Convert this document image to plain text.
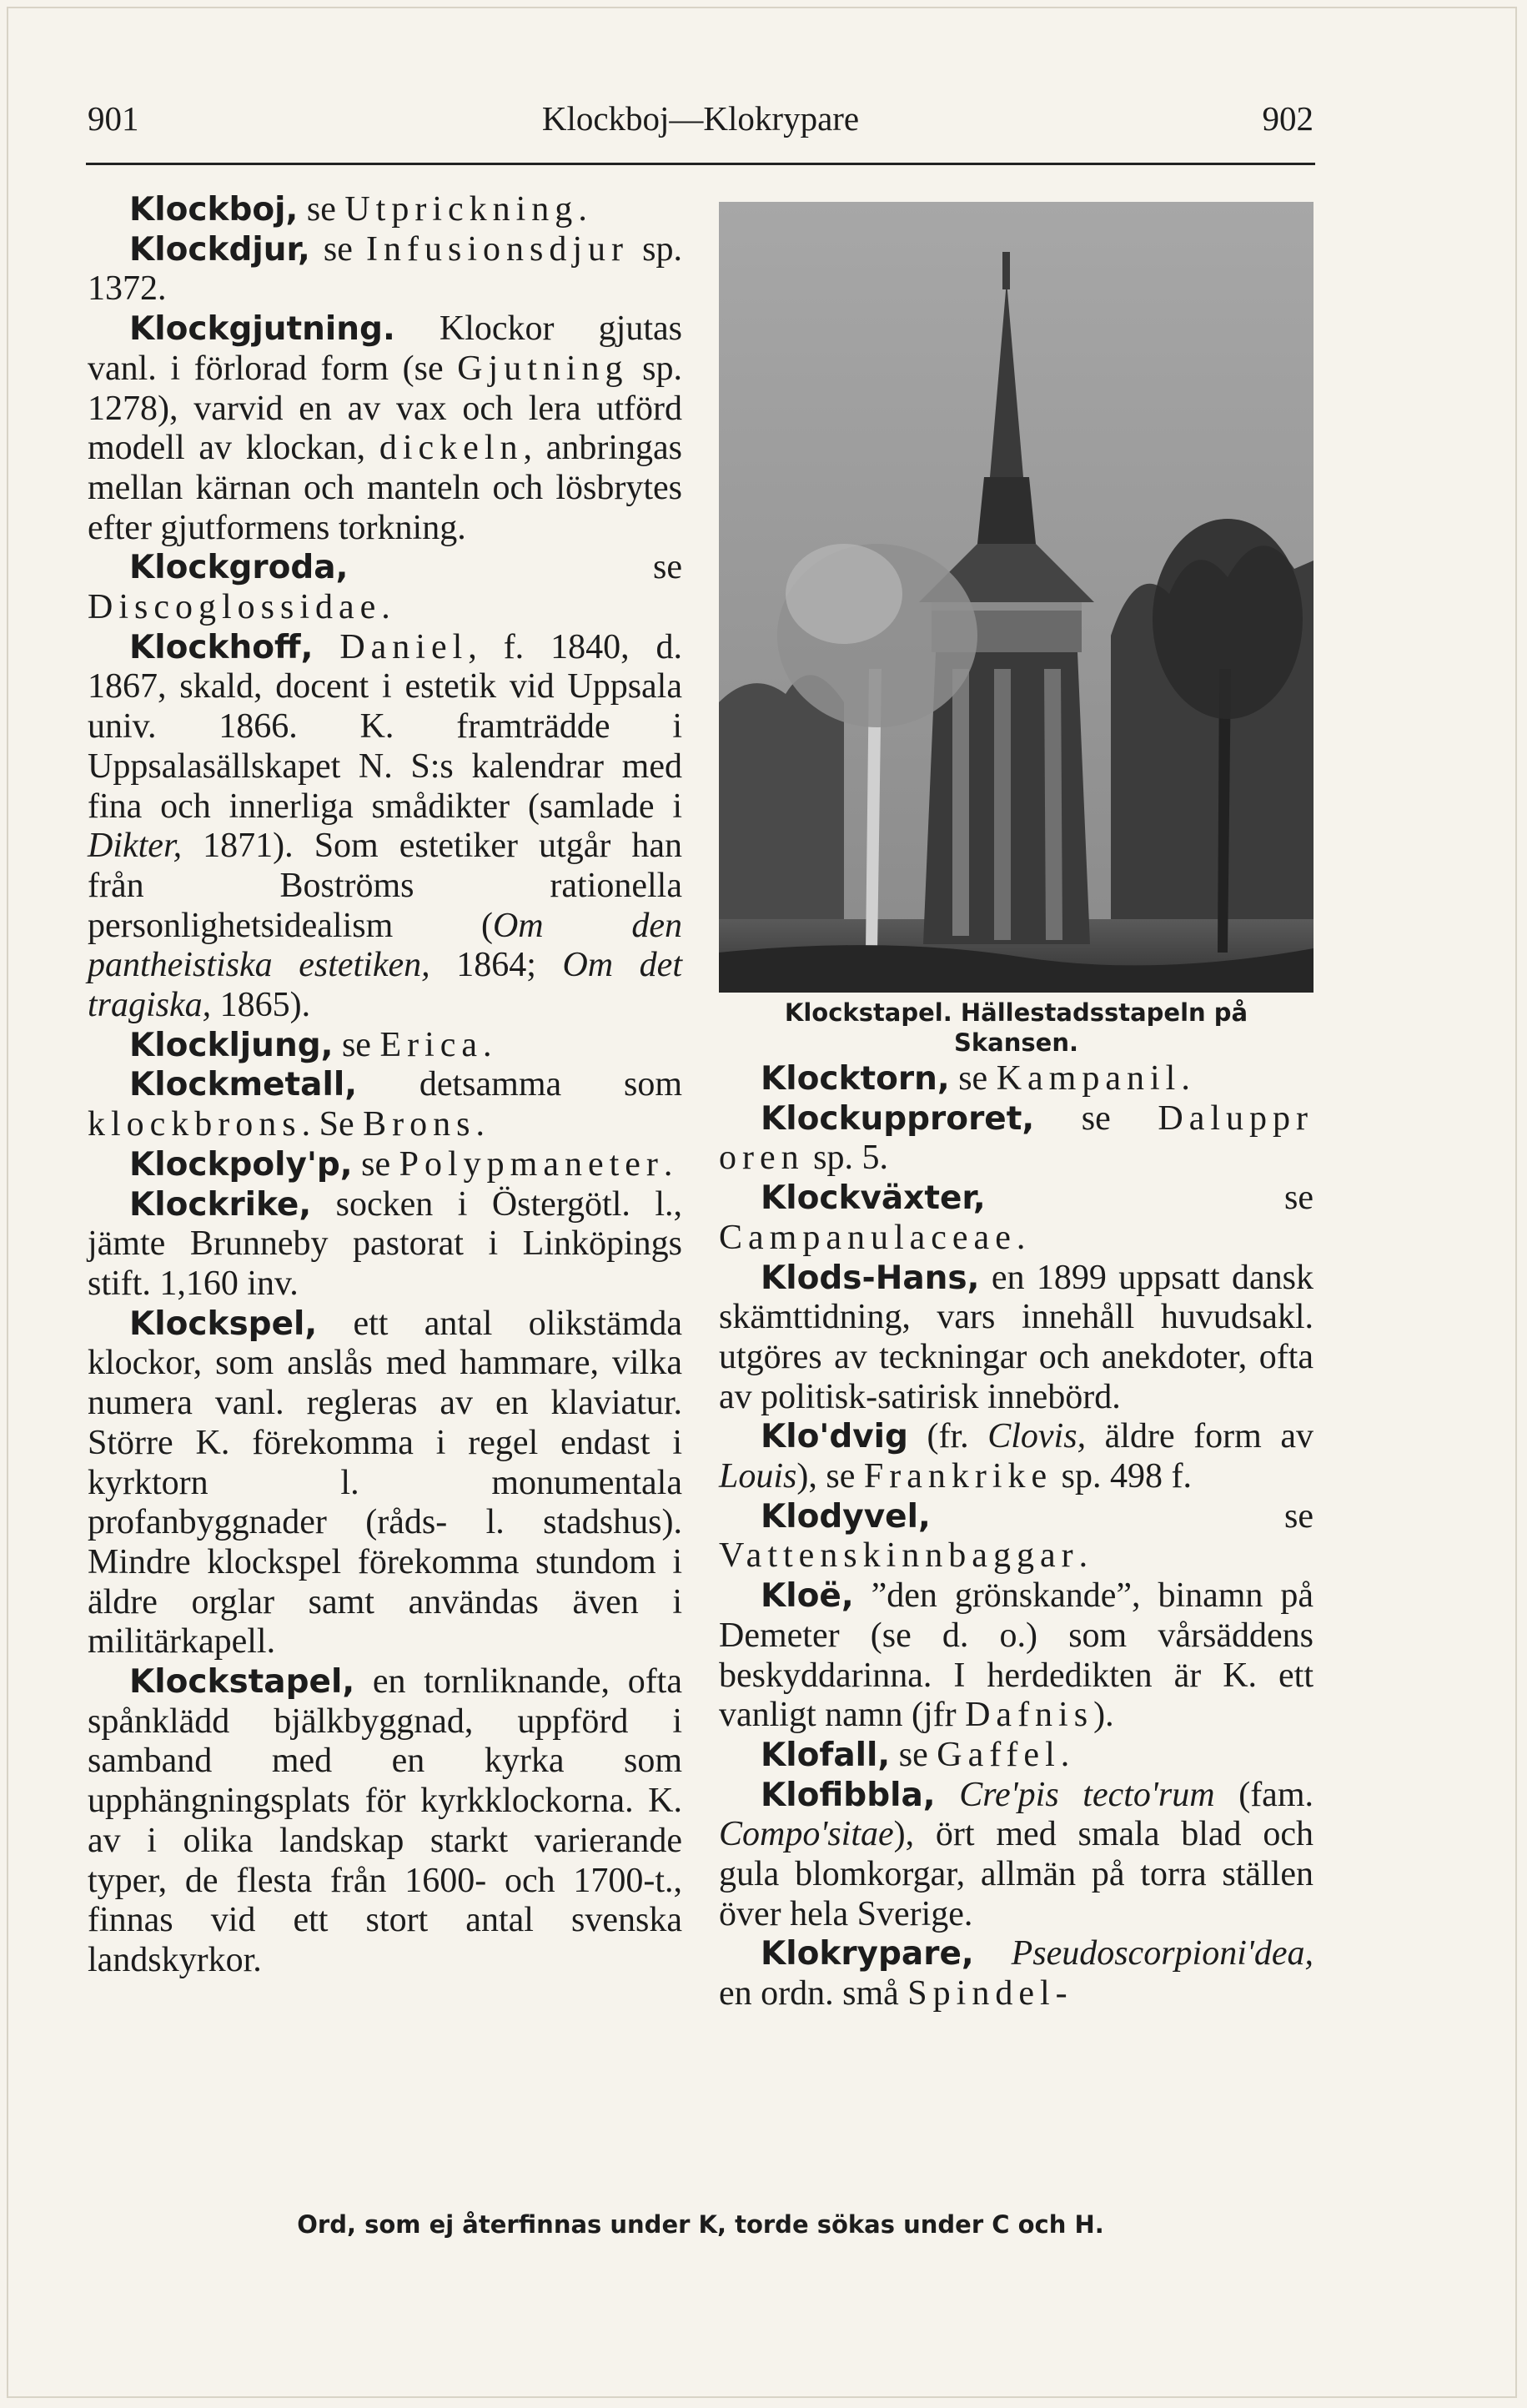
Klockboj—Klokrypare
901	902

Klockboj, se Utprickning.

Klockdjur, se Infusionsdjur sp. 1372.

Klockgjutning. Klockor gjutas vanl. i förlorad form (se Gjutning sp. 1278), varvid en av vax och lera utförd modell av klockan, dickeln, anbringas mellan kärnan och manteln och lösbrytes efter gjutformens torkning.

Klockgroda, se Discoglossidae.

Klockhoff, Daniel, f. 1840, d. 1867, skald, docent i estetik vid Uppsala univ. 1866. K. framträdde i Uppsalasällskapet N. S:s kalendrar med fina och innerliga smådikter (samlade i Dikter, 1871). Som estetiker utgår han från Boströms rationella personlighetsidealism (Om den pantheistiska estetiken, 1864; Om det tragiska, 1865).

Klockljung, se Erica.

Klockmetall, detsamma som klockbrons. Se Brons.

Klockpoly'p, se Polypmaneter.

Klockrike, socken i Östergötl. l., jämte Brunneby pastorat i Linköpings stift. 1,160 inv.

Klockspel, ett antal olikstämda klockor, som anslås med hammare, vilka numera vanl. regleras av en klaviatur. Större K. förekomma i regel endast i kyrktorn l. monumentala profanbyggnader (råds- l. stadshus). Mindre klockspel förekomma stundom i äldre orglar samt användas även i militärkapell.

Klockstapel, en tornliknande, ofta spånklädd bjälkbyggnad, uppförd i samband med en kyrka som upphängningsplats för kyrkklockorna. K. av i olika landskap starkt varierande typer, de flesta från 1600- och 1700-t., finnas vid ett stort antal svenska landskyrkor.

Klockstapel. Hällestadsstapeln på Skansen.

Klocktorn, se Kampanil.

Klockupproret, se Daluppr oren sp. 5.

Klockväxter, se Campanulaceae.

Klods-Hans, en 1899 uppsatt dansk skämttidning, vars innehåll huvudsakl. utgöres av teckningar och anekdoter, ofta av politisk-satirisk innebörd.

Klo'dvig (fr. Clovis, äldre form av Louis), se Frankrike sp. 498 f.

Klodyvel, se Vattenskinnbaggar.

Kloë, ”den grönskande”, binamn på Demeter (se d. o.) som vårsäddens beskyddarinna. I herdedikten är K. ett vanligt namn (jfr Dafnis).

Klofall, se Gaffel.

Klofibbla, Cre'pis tecto'rum (fam. Compo'sitae), ört med smala blad och gula blomkorgar, allmän på torra ställen över hela Sverige.

Klokrypare, Pseudoscorpioni'dea, en ordn. små Spindel-

Ord, som ej återfinnas under K, torde sökas under C och H.
